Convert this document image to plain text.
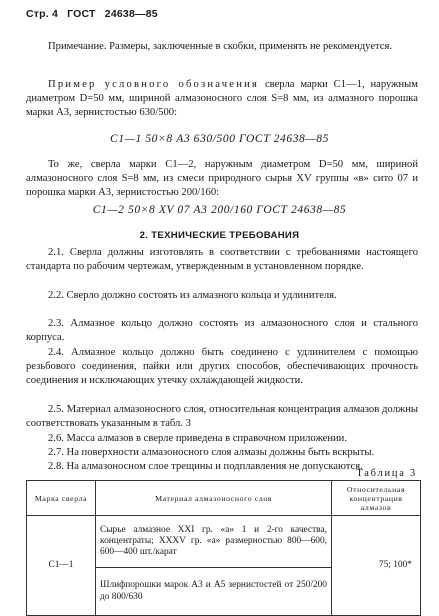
Стр. 4 ГОСТ 24638—85
Примечание. Размеры, заключенные в скобки, применять не рекомендуется.
Пример условного обозначения сверла марки С1—1, наружным диаметром D=50 мм, шириной алмазоносного слоя S=8 мм, из алмазного порошка марки А3, зернистостью 630/500:
С1—1 50×8 А3 630/500 ГОСТ 24638—85
То же, сверла марки С1—2, наружным диаметром D=50 мм, шириной алмазоносного слоя S=8 мм, из смеси природного сырья XV группы «в» сито 07 и порошка марки А3, зернистостью 200/160:
С1—2 50×8 XV 07 А3 200/160 ГОСТ 24638—85
2. ТЕХНИЧЕСКИЕ ТРЕБОВАНИЯ
2.1. Сверла должны изготовлять в соответствии с требованиями настоящего стандарта по рабочим чертежам, утвержденным в установленном порядке.
2.2. Сверло должно состоять из алмазного кольца и удлинителя.
2.3. Алмазное кольцо должно состоять из алмазоносного слоя и стального корпуса.
2.4. Алмазное кольцо должно быть соединено с удлинителем с помощью резьбового соединения, пайки или других способов, обеспечивающих прочность соединения и исключающих утечку охлаждающей жидкости.
2.5. Материал алмазоносного слоя, относительная концентрация алмазов должны соответствовать указанным в табл. 3
2.6. Масса алмазов в сверле приведена в справочном приложении.
2.7. На поверхности алмазоносного слоя алмазы должны быть вскрыты.
2.8. На алмазоносном слое трещины и подплавления не допускаются.
Таблица 3
Марка сверла	Материал алмазоносного слоя	Относительная концентрация алмазов
С1—1	Сырье алмазное XXI гр. «а» 1 и 2-го качества, концентраты; XXXV гр. «а» размерностью 800—600, 600—400 шт./карат	75; 100*
	Шлифпорошки марок А3 и А5 зернистостей от 250/200 до 800/630	
